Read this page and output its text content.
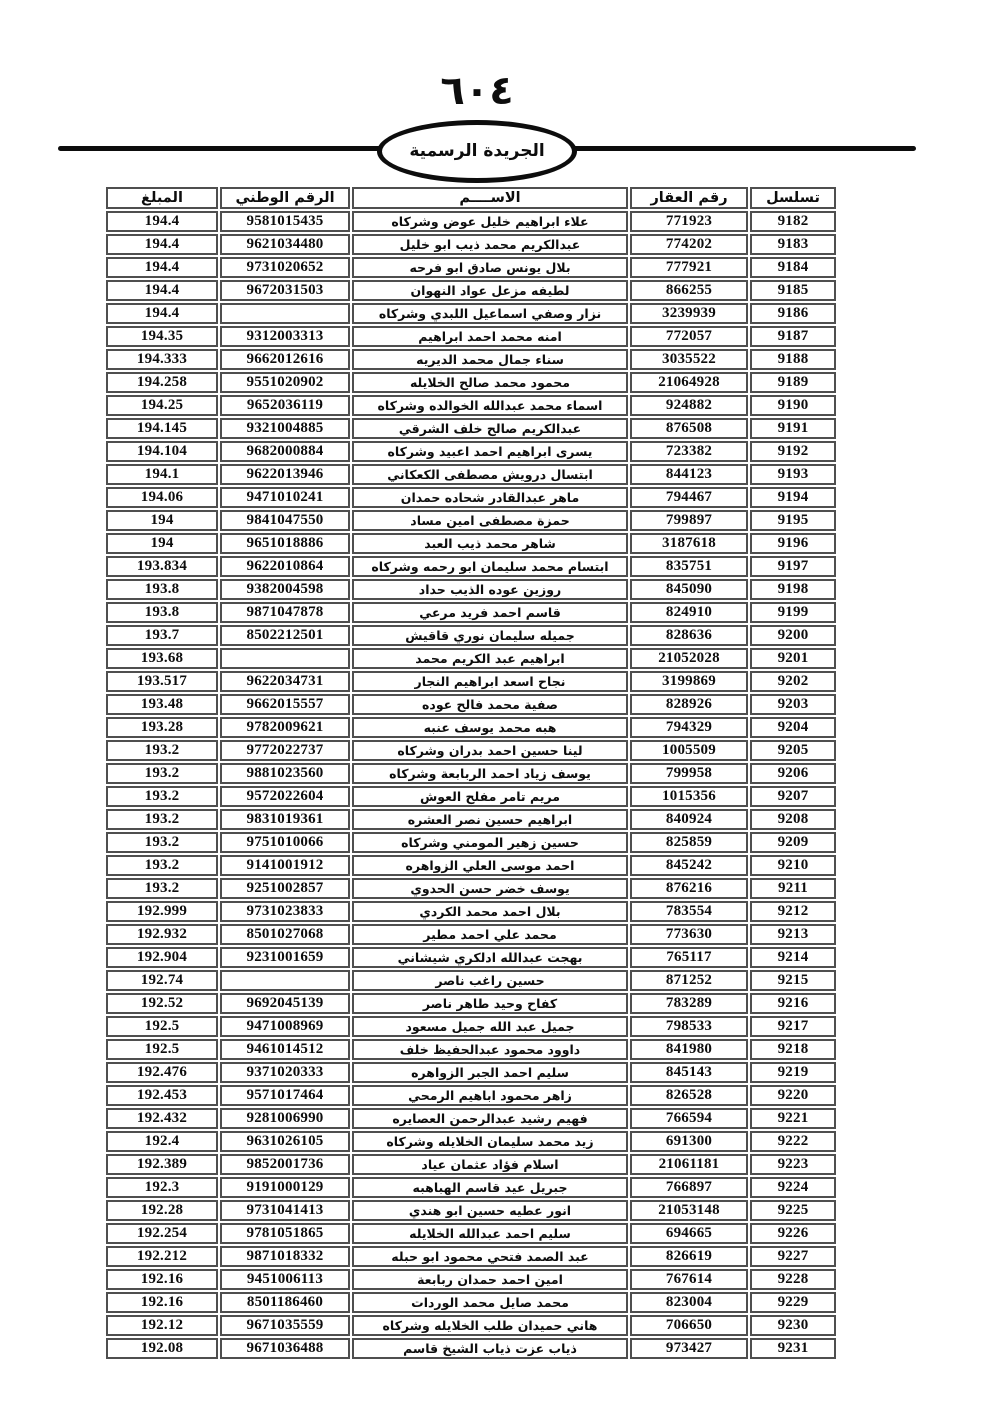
٦٠٤
الجريدة الرسمية
تسلسل	رقم العقار	الاســــم	الرقم الوطني	المبلغ
9182	771923	علاء ابراهيم خليل عوض وشركاه	9581015435	194.4
9183	774202	عبدالكريم محمد ذيب ابو خليل	9621034480	194.4
9184	777921	بلال يونس صادق ابو فرحه	9731020652	194.4
9185	866255	لطيفه مزعل عواد النهوان	9672031503	194.4
9186	3239939	نزار وصفي اسماعيل اللبدي وشركاه		194.4
9187	772057	امنه محمد احمد ابراهيم	9312003313	194.35
9188	3035522	سناء جمال محمد الديريه	9662012616	194.333
9189	21064928	محمود محمد صالح الخلايله	9551020902	194.258
9190	924882	اسماء محمد عبدالله الخوالده وشركاه	9652036119	194.25
9191	876508	عبدالكريم صالح خلف الشرقي	9321004885	194.145
9192	723382	يسرى ابراهيم احمد اعبيد وشركاه	9682000884	194.104
9193	844123	ابتسال درويش مصطفى الكعكاني	9622013946	194.1
9194	794467	ماهر عبدالقادر شحاده حمدان	9471010241	194.06
9195	799897	حمزة مصطفى امين مساد	9841047550	194
9196	3187618	شاهر محمد ذيب العبد	9651018886	194
9197	835751	ابتسام محمد سليمان ابو رحمه وشركاه	9622010864	193.834
9198	845090	روزين عوده الذيب حداد	9382004598	193.8
9199	824910	قاسم احمد فريد مرعي	9871047878	193.8
9200	828636	جميله سليمان نوري قاقيش	8502212501	193.7
9201	21052028	ابراهيم عبد الكريم محمد		193.68
9202	3199869	نجاح اسعد ابراهيم النجار	9622034731	193.517
9203	828926	صفية محمد فالح عوده	9662015557	193.48
9204	794329	هبه محمد يوسف عنبه	9782009621	193.28
9205	1005509	لينا حسين احمد بدران وشركاه	9772022737	193.2
9206	799958	يوسف زياد احمد الربابعة وشركاه	9881023560	193.2
9207	1015356	مريم تامر مفلح العوش	9572022604	193.2
9208	840924	ابراهيم حسين نصر العشره	9831019361	193.2
9209	825859	حسين زهير المومني وشركاه	9751010066	193.2
9210	845242	احمد موسى العلي الزواهره	9141001912	193.2
9211	876216	يوسف خضر حسن الحدوي	9251002857	193.2
9212	783554	بلال احمد محمد الكردي	9731023833	192.999
9213	773630	محمد علي احمد مطير	8501027068	192.932
9214	765117	بهجت عبدالله ادلكري شيشاني	9231001659	192.904
9215	871252	حسين راغب ناصر		192.74
9216	783289	كفاح وحيد طاهر ناصر	9692045139	192.52
9217	798533	جميل عبد الله جميل مسعود	9471008969	192.5
9218	841980	داوود محمود عبدالحفيظ خلف	9461014512	192.5
9219	845143	سليم احمد الجبر الزواهره	9371020333	192.476
9220	826528	زاهر محمود اباهيم الرمحي	9571017464	192.453
9221	766594	فهيم رشيد عبدالرحمن العصايره	9281006990	192.432
9222	691300	زيد محمد سليمان الخلايله وشركاه	9631026105	192.4
9223	21061181	اسلام فؤاد عثمان عياد	9852001736	192.389
9224	766897	جبريل عيد قاسم الهباهبه	9191000129	192.3
9225	21053148	انور عطيه حسين ابو هندي	9731041413	192.28
9226	694665	سليم احمد عبدالله الخلايله	9781051865	192.254
9227	826619	عبد الصمد فتحي محمود ابو حبله	9871018332	192.212
9228	767614	امين احمد حمدان ربابعة	9451006113	192.16
9229	823004	محمد صايل محمد الوردات	8501186460	192.16
9230	706650	هاني حميدان طلب الخلايله وشركاه	9671035559	192.12
9231	973427	ذياب عزت ذياب الشيخ قاسم	9671036488	192.08
